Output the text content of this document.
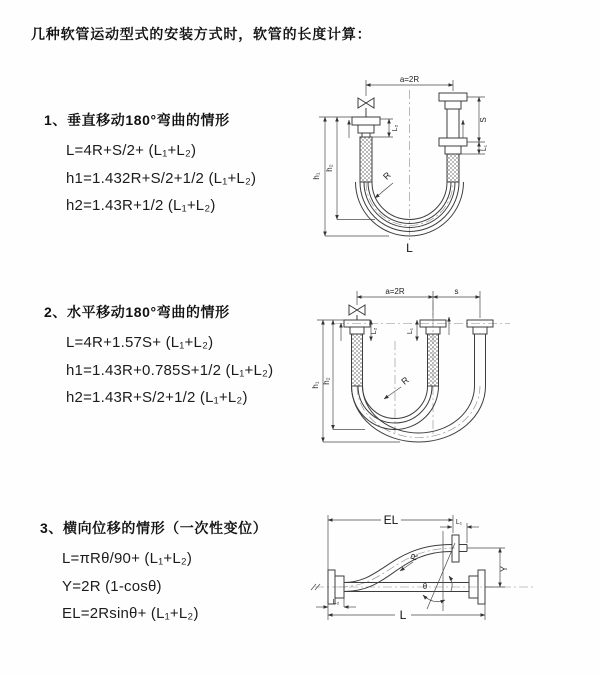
几种软管运动型式的安装方式时，软管的长度计算：
1、垂直移动180°弯曲的情形
L=4R+S/2+ (L₁+L₂)
h1=1.432R+S/2+1/2 (L₁+L₂)
h2=1.43R+1/2 (L₁+L₂)
a=2R
h₁
h₂
L₂
S
L₁
R
L
2、水平移动180°弯曲的情形
L=4R+1.57S+ (L₁+L₂)
h1=1.43R+0.785S+1/2 (L₁+L₂)
h2=1.43R+S/2+1/2 (L₁+L₂)
a=2R	s
h₁
h₂
L₂	L₁
R
3、横向位移的情形（一次性变位）
L=πRθ/90+ (L₁+L₂)
Y=2R (1-cosθ)
EL=2Rsinθ+ (L₁+L₂)
EL	L₁
Y
R
θ
L
L₂
